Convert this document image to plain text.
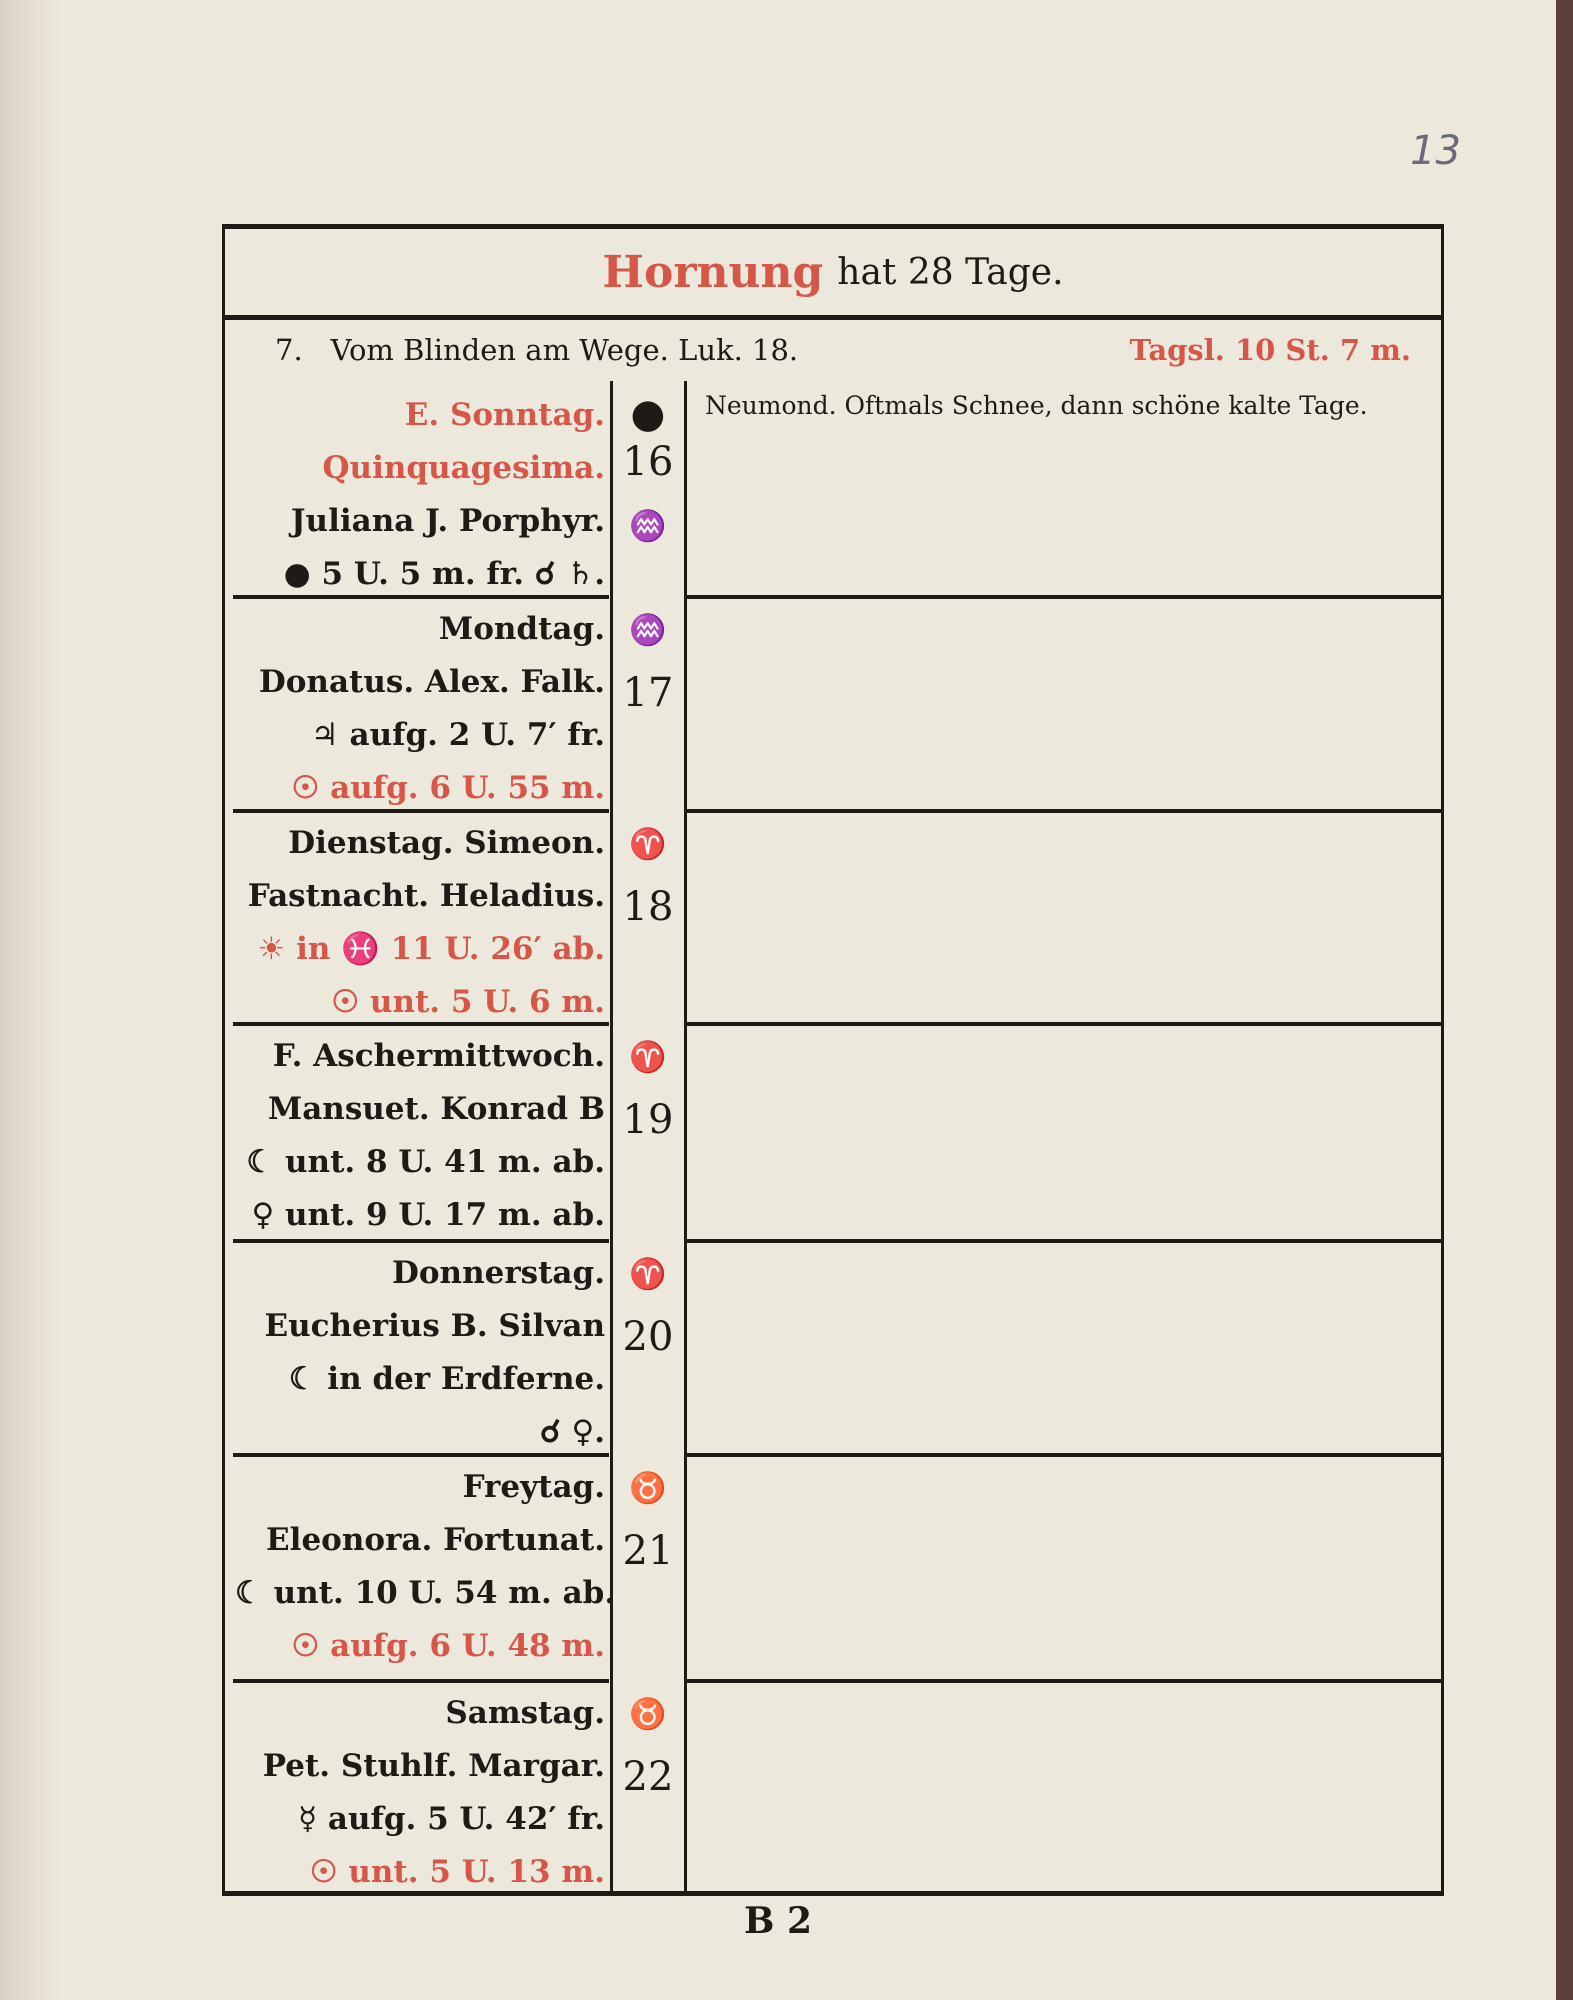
13
Hornung hat 28 Tage.
7. Vom Blinden am Wege. Luk. 18.	Tagsl. 10 St. 7 m.
E. Sonntag.
Quinquagesima.
Juliana J. Porphyr.
● 5 U. 5 m. fr. ☌ ♄.
●
16
♒
Neumond. Oftmals Schnee, dann schöne kalte Tage.
Mondtag.
Donatus. Alex. Falk.
♃ aufg. 2 U. 7′ fr.
☉ aufg. 6 U. 55 m.
17
♒
Dienstag. Simeon.
Fastnacht. Heladius.
☀ in ♓ 11 U. 26′ ab.
☉ unt. 5 U. 6 m.
18
♈
F. Aschermittwoch.
Mansuet. Konrad B
☾ unt. 8 U. 41 m. ab.
♀ unt. 9 U. 17 m. ab.
19
♈
Donnerstag.
Eucherius B. Silvan
☾ in der Erdferne.
☌ ♀.
20
♈
Freytag.
Eleonora. Fortunat.
☾ unt. 10 U. 54 m. ab.
☉ aufg. 6 U. 48 m.
21
♉
Samstag.
Pet. Stuhlf. Margar.
☿ aufg. 5 U. 42′ fr.
☉ unt. 5 U. 13 m.
22
♉
B 2
